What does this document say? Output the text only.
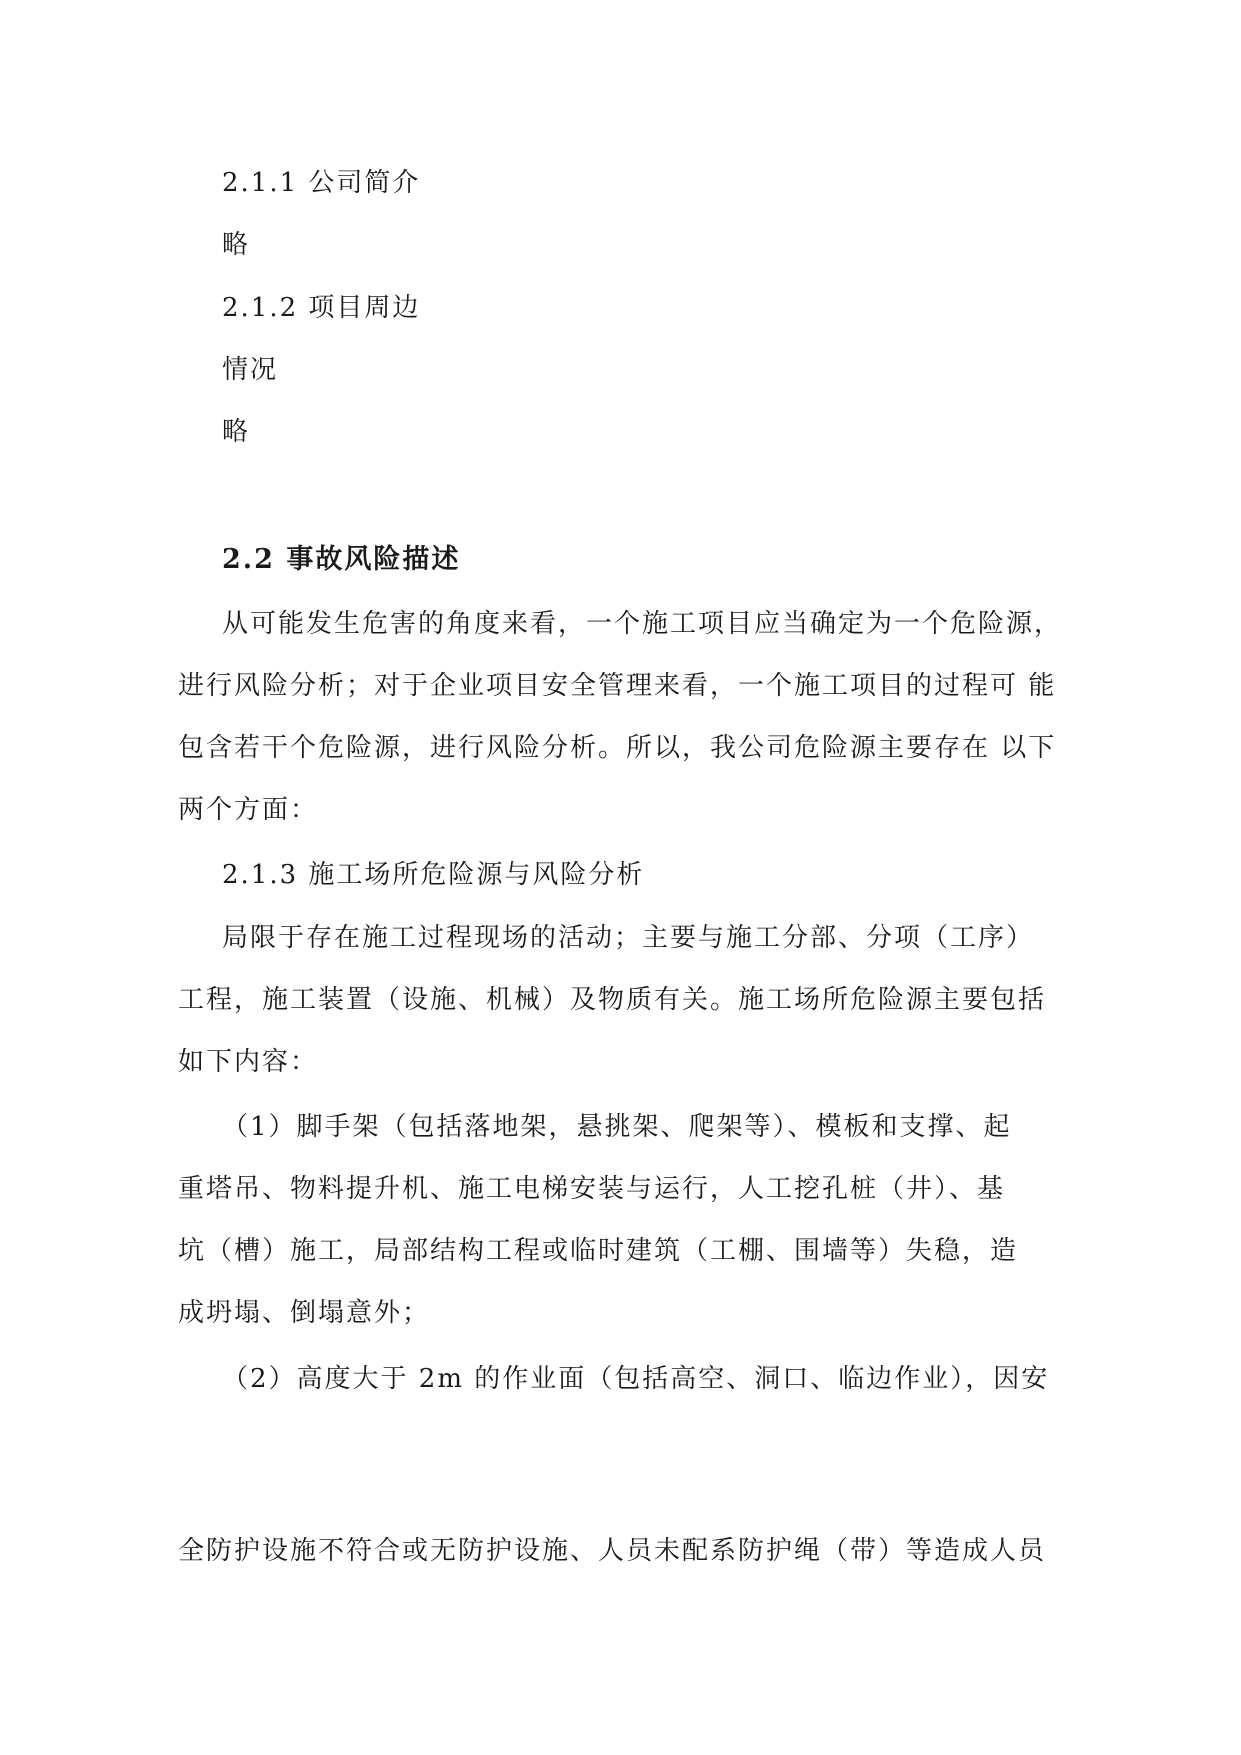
2.1.1 公司简介

略

2.1.2 项目周边

情况

略

2.2 事故风险描述

从可能发生危害的角度来看，一个施工项目应当确定为一个危险源，

进行风险分析；对于企业项目安全管理来看，一个施工项目的过程可 能

包含若干个危险源，进行风险分析。所以，我公司危险源主要存在 以下

两个方面：

2.1.3 施工场所危险源与风险分析

局限于存在施工过程现场的活动；主要与施工分部、分项（工序）

工程，施工装置（设施、机械）及物质有关。施工场所危险源主要包括

如下内容：

（1）脚手架（包括落地架，悬挑架、爬架等）、模板和支撑、起

重塔吊、物料提升机、施工电梯安装与运行，人工挖孔桩（井）、基

坑（槽）施工，局部结构工程或临时建筑（工棚、围墙等）失稳，造

成坍塌、倒塌意外；

（2）高度大于 2m 的作业面（包括高空、洞口、临边作业），因安

全防护设施不符合或无防护设施、人员未配系防护绳（带）等造成人员
